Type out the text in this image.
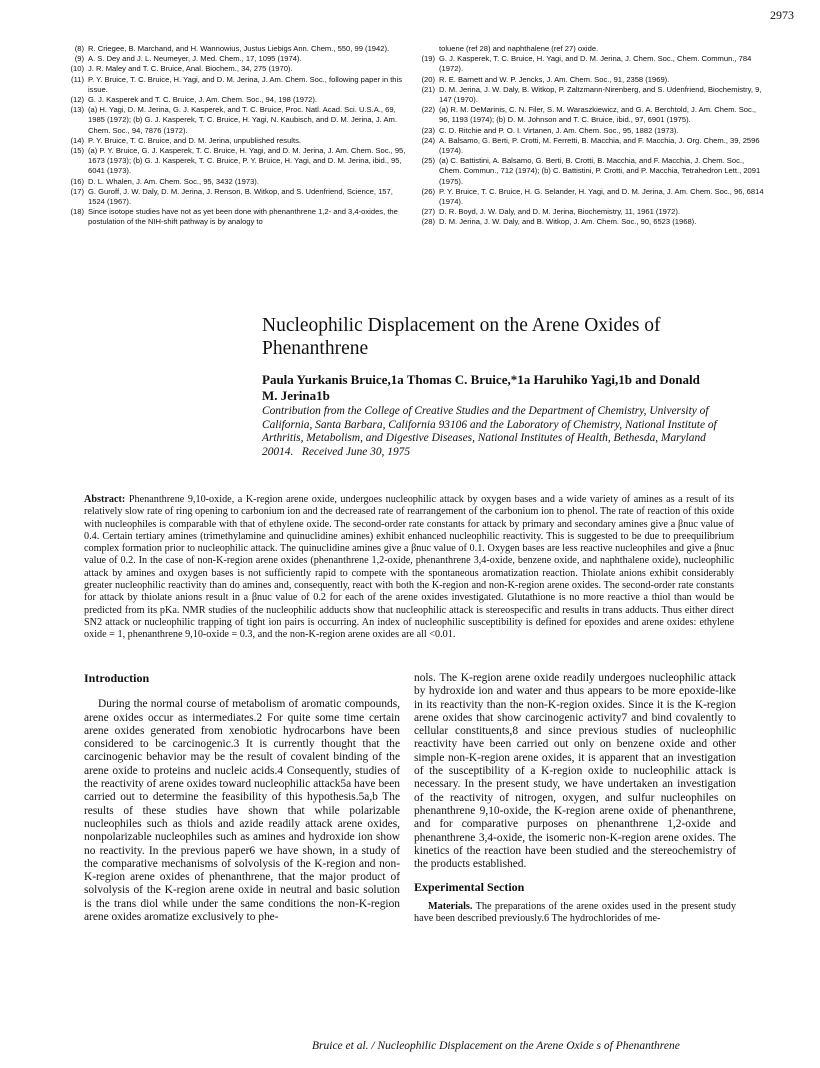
2973
(8) R. Criegee, B. Marchand, and H. Wannowius, Justus Liebigs Ann. Chem., 550, 99 (1942).
(9) A. S. Dey and J. L. Neumeyer, J. Med. Chem., 17, 1095 (1974).
(10) J. R. Maley and T. C. Bruice, Anal. Biochem., 34, 275 (1970).
(11) P. Y. Bruice, T. C. Bruice, H. Yagi, and D. M. Jerina, J. Am. Chem. Soc., following paper in this issue.
(12) G. J. Kasperek and T. C. Bruice, J. Am. Chem. Soc., 94, 198 (1972).
(13) (a) H. Yagi, D. M. Jerina, G. J. Kasperek, and T. C. Bruice, Proc. Natl. Acad. Sci. U.S.A., 69, 1985 (1972); (b) G. J. Kasperek, T. C. Bruice, H. Yagi, N. Kaubisch, and D. M. Jerina, J. Am. Chem. Soc., 94, 7876 (1972).
(14) P. Y. Bruice, T. C. Bruice, and D. M. Jerina, unpublished results.
(15) (a) P. Y. Bruice, G. J. Kasperek, T. C. Bruice, H. Yagi, and D. M. Jerina, J. Am. Chem. Soc., 95, 1673 (1973); (b) G. J. Kasperek, T. C. Bruice, P. Y. Bruice, H. Yagi, and D. M. Jerina, ibid., 95, 6041 (1973).
(16) D. L. Whalen, J. Am. Chem. Soc., 95, 3432 (1973).
(17) G. Guroff, J. W. Daly, D. M. Jerina, J. Renson, B. Witkop, and S. Udenfriend, Science, 157, 1524 (1967).
(18) Since isotope studies have not as yet been done with phenanthrene 1,2- and 3,4-oxides, the postulation of the NIH-shift pathway is by analogy to
toluene (ref 28) and naphthalene (ref 27) oxide.
(19) G. J. Kasperek, T. C. Bruice, H. Yagi, and D. M. Jerina, J. Chem. Soc., Chem. Commun., 784 (1972).
(20) R. E. Barnett and W. P. Jencks, J. Am. Chem. Soc., 91, 2358 (1969).
(21) D. M. Jerina, J. W. Daly, B. Witkop, P. Zaltzmann-Nirenberg, and S. Udenfriend, Biochemistry, 9, 147 (1970).
(22) (a) R. M. DeMarinis, C. N. Filer, S. M. Waraszkiewicz, and G. A. Berchtold, J. Am. Chem. Soc., 96, 1193 (1974); (b) D. M. Johnson and T. C. Bruice, ibid., 97, 6901 (1975).
(23) C. D. Ritchie and P. O. I. Virtanen, J. Am. Chem. Soc., 95, 1882 (1973).
(24) A. Balsamo, G. Berti, P. Crotti, M. Ferretti, B. Macchia, and F. Macchia, J. Org. Chem., 39, 2596 (1974).
(25) (a) C. Battistini, A. Balsamo, G. Berti, B. Crotti, B. Macchia, and F. Macchia, J. Chem. Soc., Chem. Commun., 712 (1974); (b) C. Battistini, P. Crotti, and P. Macchia, Tetrahedron Lett., 2091 (1975).
(26) P. Y. Bruice, T. C. Bruice, H. G. Selander, H. Yagi, and D. M. Jerina, J. Am. Chem. Soc., 96, 6814 (1974).
(27) D. R. Boyd, J. W. Daly, and D. M. Jerina, Biochemistry, 11, 1961 (1972).
(28) D. M. Jerina, J. W. Daly, and B. Witkop, J. Am. Chem. Soc., 90, 6523 (1968).
Nucleophilic Displacement on the Arene Oxides of Phenanthrene
Paula Yurkanis Bruice,1a Thomas C. Bruice,*1a Haruhiko Yagi,1b and Donald M. Jerina1b
Contribution from the College of Creative Studies and the Department of Chemistry, University of California, Santa Barbara, California 93106 and the Laboratory of Chemistry, National Institute of Arthritis, Metabolism, and Digestive Diseases, National Institutes of Health, Bethesda, Maryland 20014. Received June 30, 1975
Abstract: Phenanthrene 9,10-oxide, a K-region arene oxide, undergoes nucleophilic attack by oxygen bases and a wide variety of amines as a result of its relatively slow rate of ring opening to carbonium ion and the decreased rate of rearrangement of the carbonium ion to phenol. The rate of reaction of this oxide with nucleophiles is comparable with that of ethylene oxide. The second-order rate constants for attack by primary and secondary amines give a βnuc value of 0.4. Certain tertiary amines (trimethylamine and quinuclidine amines) exhibit enhanced nucleophilic reactivity. This is suggested to be due to preequilibrium complex formation prior to nucleophilic attack. The quinuclidine amines give a βnuc value of 0.1. Oxygen bases are less reactive nucleophiles and give a βnuc value of 0.2. In the case of non-K-region arene oxides (phenanthrene 1,2-oxide, phenanthrene 3,4-oxide, benzene oxide, and naphthalene oxide), nucleophilic attack by amines and oxygen bases is not sufficiently rapid to compete with the spontaneous aromatization reaction. Thiolate anions exhibit considerably greater nucleophilic reactivity than do amines and, consequently, react with both the K-region and non-K-region arene oxides. The second-order rate constants for attack by thiolate anions result in a βnuc value of 0.2 for each of the arene oxides investigated. Glutathione is no more reactive a thiol than would be predicted from its pKa. NMR studies of the nucleophilic adducts show that nucleophilic attack is stereospecific and results in trans adducts. Thus either direct SN2 attack or nucleophilic trapping of tight ion pairs is occurring. An index of nucleophilic susceptibility is defined for epoxides and arene oxides: ethylene oxide = 1, phenanthrene 9,10-oxide = 0.3, and the non-K-region arene oxides are all <0.01.
Introduction

During the normal course of metabolism of aromatic compounds, arene oxides occur as intermediates.2 For quite some time certain arene oxides generated from xenobiotic hydrocarbons have been considered to be carcinogenic.3 It is currently thought that the carcinogenic behavior may be the result of covalent binding of the arene oxide to proteins and nucleic acids.4 Consequently, studies of the reactivity of arene oxides toward nucleophilic attack5a have been carried out to determine the feasibility of this hypothesis.5a,b The results of these studies have shown that while polarizable nucleophiles such as thiols and azide readily attack arene oxides, nonpolarizable nucleophiles such as amines and hydroxide ion show no reactivity. In the previous paper6 we have shown, in a study of the comparative mechanisms of solvolysis of the K-region and non-K-region arene oxides of phenanthrene, that the major product of solvolysis of the K-region arene oxide in neutral and basic solution is the trans diol while under the same conditions the non-K-region arene oxides aromatize exclusively to phe-

nols. The K-region arene oxide readily undergoes nucleophilic attack by hydroxide ion and water and thus appears to be more epoxide-like in its reactivity than the non-K-region oxides. Since it is the K-region arene oxides that show carcinogenic activity7 and bind covalently to cellular constituents,8 and since previous studies of nucleophilic reactivity have been carried out only on benzene oxide and other simple non-K-region arene oxides, it is apparent that an investigation of the susceptibility of a K-region oxide to nucleophilic attack is necessary. In the present study, we have undertaken an investigation of the reactivity of nitrogen, oxygen, and sulfur nucleophiles on phenanthrene 9,10-oxide, the K-region arene oxide of phenanthrene, and for comparative purposes on phenanthrene 1,2-oxide and phenanthrene 3,4-oxide, the isomeric non-K-region arene oxides. The kinetics of the reaction have been studied and the stereochemistry of the products established.

Experimental Section

Materials. The preparations of the arene oxides used in the present study have been described previously.6 The hydrochlorides of me-

Bruice et al. / Nucleophilic Displacement on the Arene Oxide s of Phenanthrene
